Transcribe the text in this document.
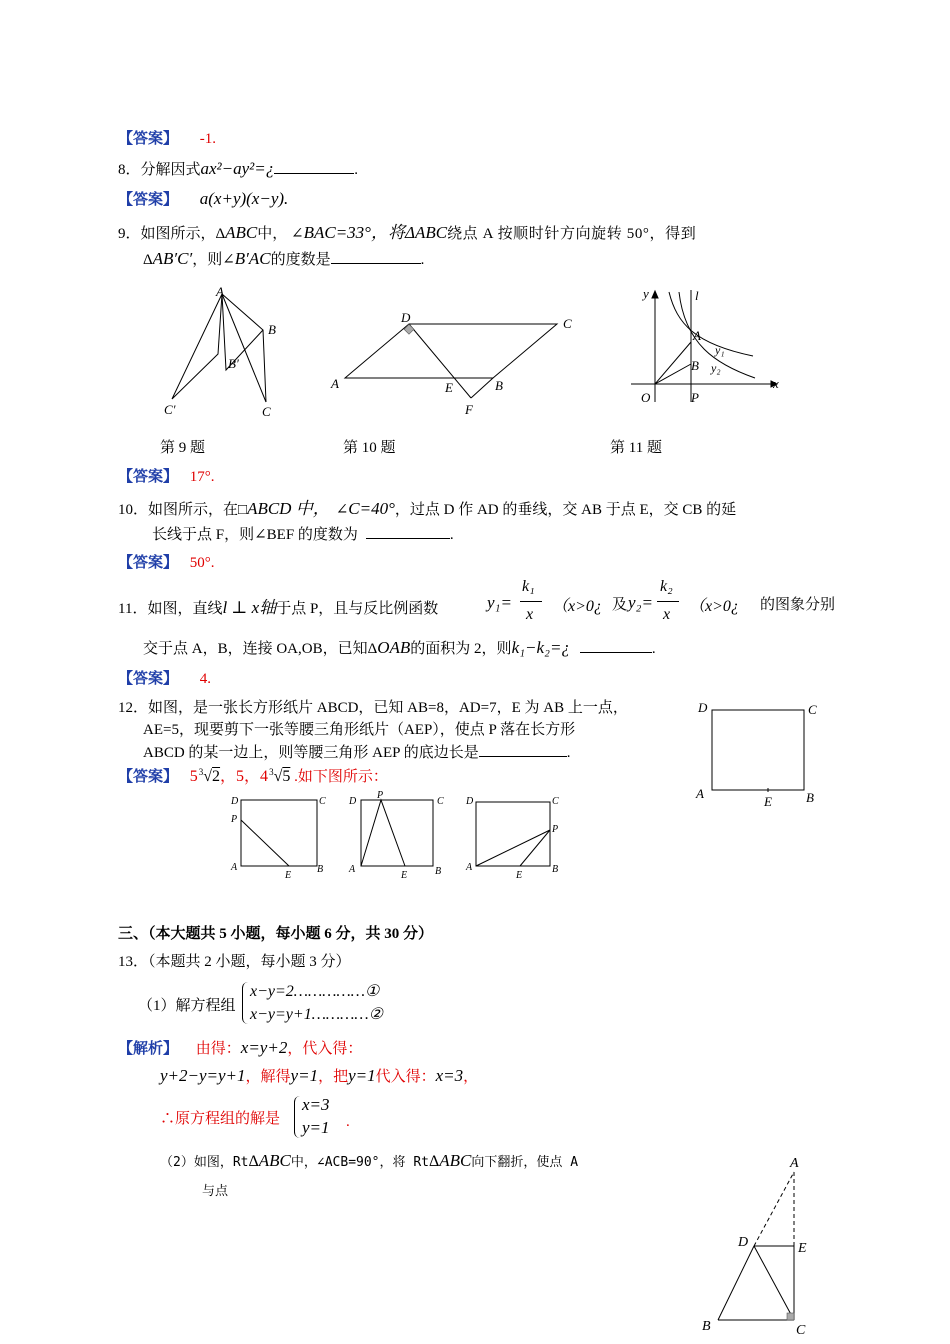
【答案】 -1.
8．分解因式ax²−ay²=¿	.
【答案】 a(x+y)(x−y).
9．如图所示，ΔABC中， ∠BAC=33°，将ΔABC绕点 A 按顺时针方向旋转 50°，得到
ΔAB′C′，则∠B′AC的度数是	.
A
B
B′
C′	C
D	C
A	E	B
F
y	l
A
y₁
B y₂
x
O	P
第 9 题	第 10 题	第 11 题
【答案】 17°.
10．如图所示，在□ABCD 中， ∠C=40°，过点 D 作 AD 的垂线，交 AB 于点 E，交 CB 的延
长线于点 F，则∠BEF 的度数为	.
【答案】 50°.
11．如图，直线l ⊥ x轴于点 P，且与反比例函数	y₁=
k₁
x （x>0¿ 及 y₂=
k₂
x （x>0¿ 的图象分别
交于点 A，B，连接 OA,OB，已知ΔOAB的面积为 2，则k₁−k₂=¿	.
【答案】 4.
12．如图，是一张长方形纸片 ABCD，已知 AB=8，AD=7，E 为 AB 上一点，
AE=5，现要剪下一张等腰三角形纸片（AEP），使点 P 落在长方形
ABCD 的某一边上，则等腰三角形 AEP 的底边长是	.
D	C
A	B
E
【答案】 $5^3√2$，5，$4^3√5$ .如下图所示：
D	C
P
A
E
B
D
P
C
A
E	B
D	C
P
A
E
B
三、（本大题共 5 小题，每小题 6 分，共 30 分）
13．（本题共 2 小题，每小题 3 分）
（1）解方程组
x−y=2……………①
x−y=y+1…………②
【解析】 由得：x=y+2，代入得：
y+2−y=y+1，解得y=1，把y=1代入得：x=3，
∴原方程组的解是
x=3
y=1 .
（2）如图，RtΔABC中，∠ACB=90°，将 RtΔABC向下翻折，使点 A
与点
A
D	E
B	C
